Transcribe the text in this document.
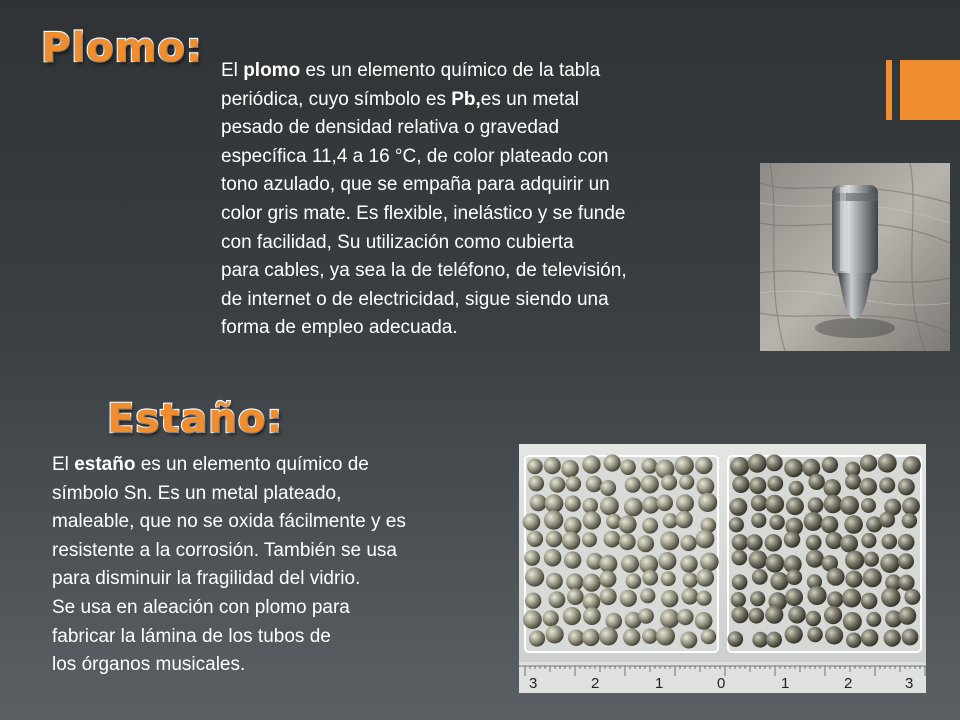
Plomo: El plomo es un elemento químico de la tabla
periódica, cuyo símbolo es Pb,es un metal
pesado de densidad relativa o gravedad
específica 11,4 a 16 °C, de color plateado con
tono azulado, que se empaña para adquirir un
color gris mate. Es flexible, inelástico y se funde
con facilidad, Su utilización como cubierta
para cables, ya sea la de teléfono, de televisión,
de internet o de electricidad, sigue siendo una
forma de empleo adecuada.

Estaño:

El estaño es un elemento químico de
símbolo Sn. Es un metal plateado,
maleable, que no se oxida fácilmente y es
resistente a la corrosión. También se usa
para disminuir la fragilidad del vidrio.
Se usa en aleación con plomo para
fabricar la lámina de los tubos de
los órganos musicales.

3	2	1	0	1	2	3
